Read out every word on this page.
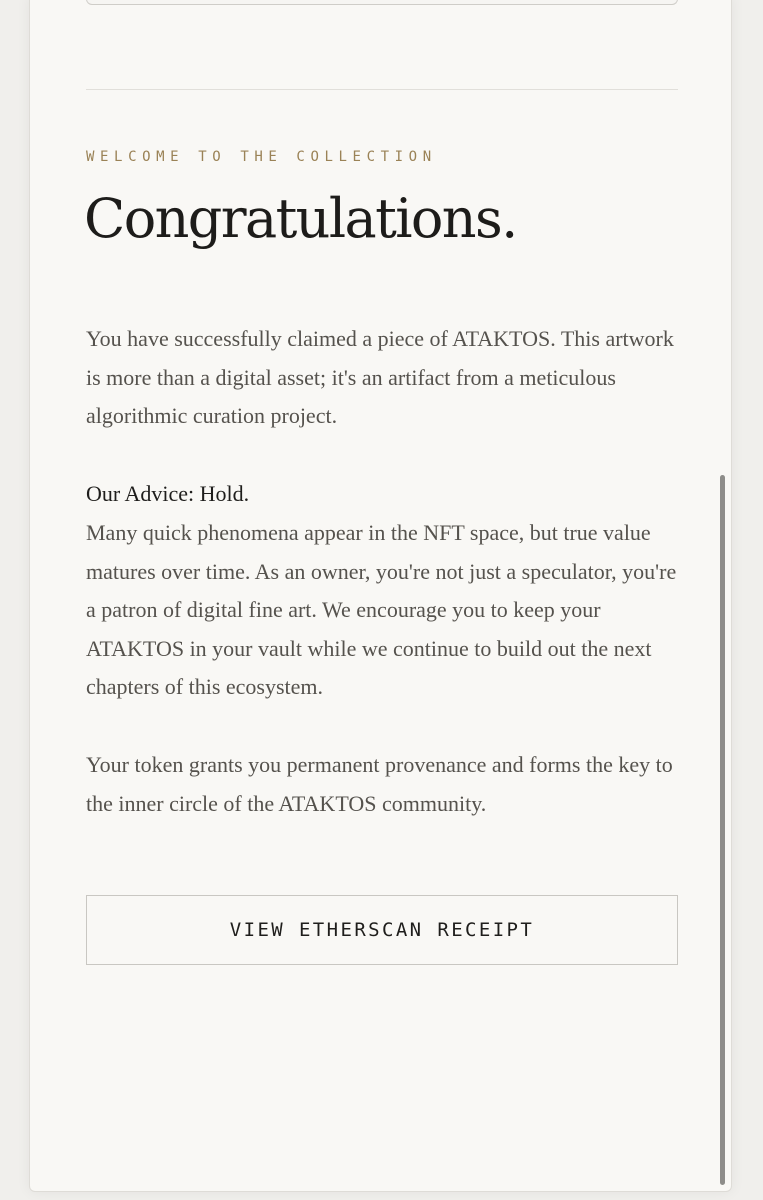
WELCOME TO THE COLLECTION
Congratulations.

You have successfully claimed a piece of ATAKTOS. This artwork is more than a digital asset; it's an artifact from a meticulous algorithmic curation project.

Our Advice: Hold.

Many quick phenomena appear in the NFT space, but true value matures over time. As an owner, you're not just a speculator, you're a patron of digital fine art. We encourage you to keep your ATAKTOS in your vault while we continue to build out the next chapters of this ecosystem.

Your token grants you permanent provenance and forms the key to the inner circle of the ATAKTOS community.

VIEW ETHERSCAN RECEIPT
